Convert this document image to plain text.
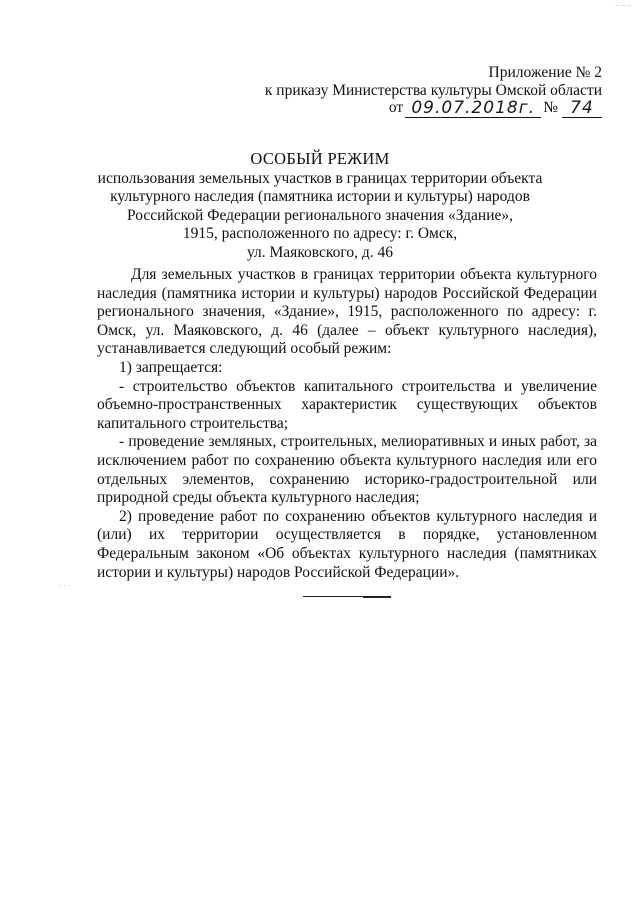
— — —
Приложение № 2
к приказу Министерства культуры Омской области
от 09.07.2018г. № 74
ОСОБЫЙ РЕЖИМ
использования земельных участков в границах территории объекта
культурного наследия (памятника истории и культуры) народов
Российской Федерации регионального значения «Здание»,
1915, расположенного по адресу: г. Омск,
ул. Маяковского, д. 46

Для земельных участков в границах территории объекта культурного наследия (памятника истории и культуры) народов Российской Федерации регионального значения, «Здание», 1915, расположенного по адресу: г. Омск, ул. Маяковского, д. 46 (далее – объект культурного наследия), устанавливается следующий особый режим:

1) запрещается:

- строительство объектов капитального строительства и увеличение объемно-пространственных характеристик существующих объектов капитального строительства;

- проведение земляных, строительных, мелиоративных и иных работ, за исключением работ по сохранению объекта культурного наследия или его отдельных элементов, сохранению историко-градостроительной или природной среды объекта культурного наследия;

2) проведение работ по сохранению объектов культурного наследия и (или) их территории осуществляется в порядке, установленном Федеральным законом «Об объектах культурного наследия (памятниках истории и культуры) народов Российской Федерации».

· · ·
